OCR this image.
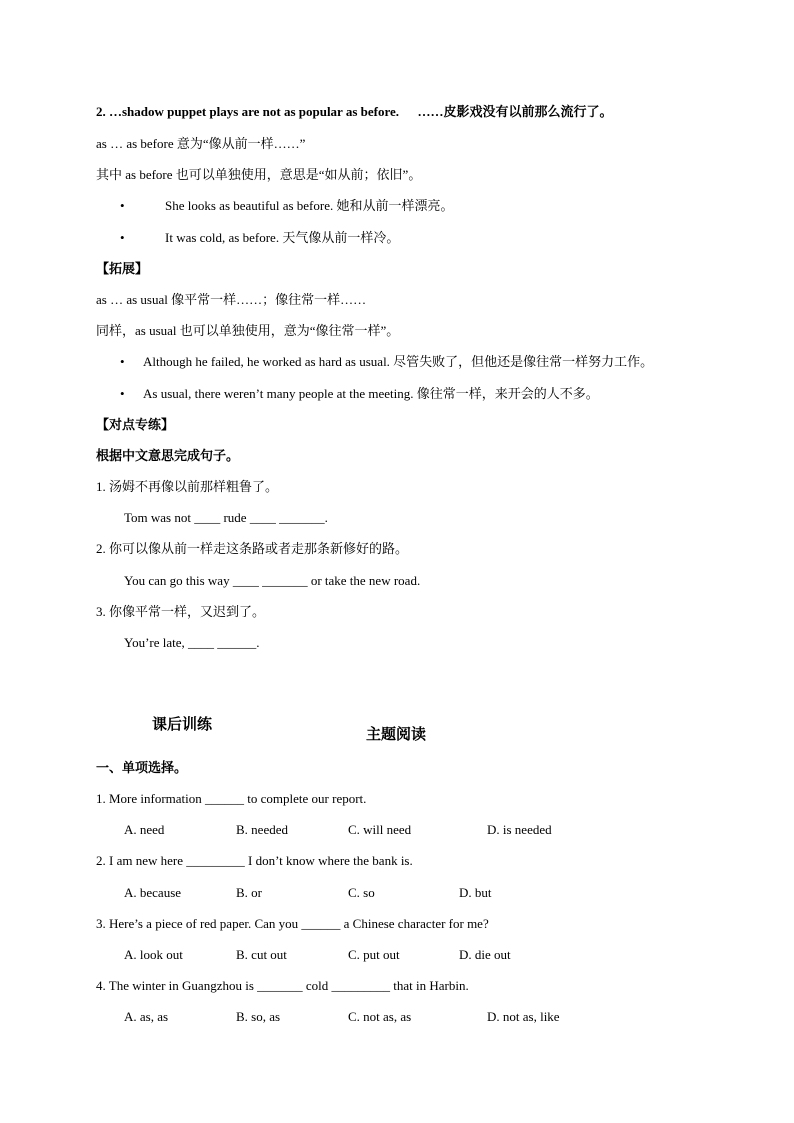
2. …shadow puppet plays are not as popular as before. ……皮影戏没有以前那么流行了。
as … as before 意为“像从前一样……”
其中 as before 也可以单独使用，意思是“如从前；依旧”。
•	She looks as beautiful as before. 她和从前一样漂亮。
•	It was cold, as before. 天气像从前一样冷。
【拓展】
as … as usual 像平常一样……；像往常一样……
同样，as usual 也可以单独使用，意为“像往常一样”。
• Although he failed, he worked as hard as usual. 尽管失败了，但他还是像往常一样努力工作。
• As usual, there weren’t many people at the meeting. 像往常一样，来开会的人不多。
【对点专练】
根据中文意思完成句子。
1. 汤姆不再像以前那样粗鲁了。
Tom was not ____ rude ____ _______.
2. 你可以像从前一样走这条路或者走那条新修好的路。
You can go this way ____ _______ or take the new road.
3. 你像平常一样，又迟到了。
You’re late, ____ ______.
课后训练
主题阅读
一、单项选择。
1. More information ______ to complete our report.
A. need	B. needed	C. will need	D. is needed
2. I am new here _________ I don’t know where the bank is.
A. because	B. or	C. so	D. but
3. Here’s a piece of red paper. Can you ______ a Chinese character for me?
A. look out	B. cut out	C. put out	D. die out
4. The winter in Guangzhou is _______ cold _________ that in Harbin.
A. as, as	B. so, as	C. not as, as	D. not as, like
